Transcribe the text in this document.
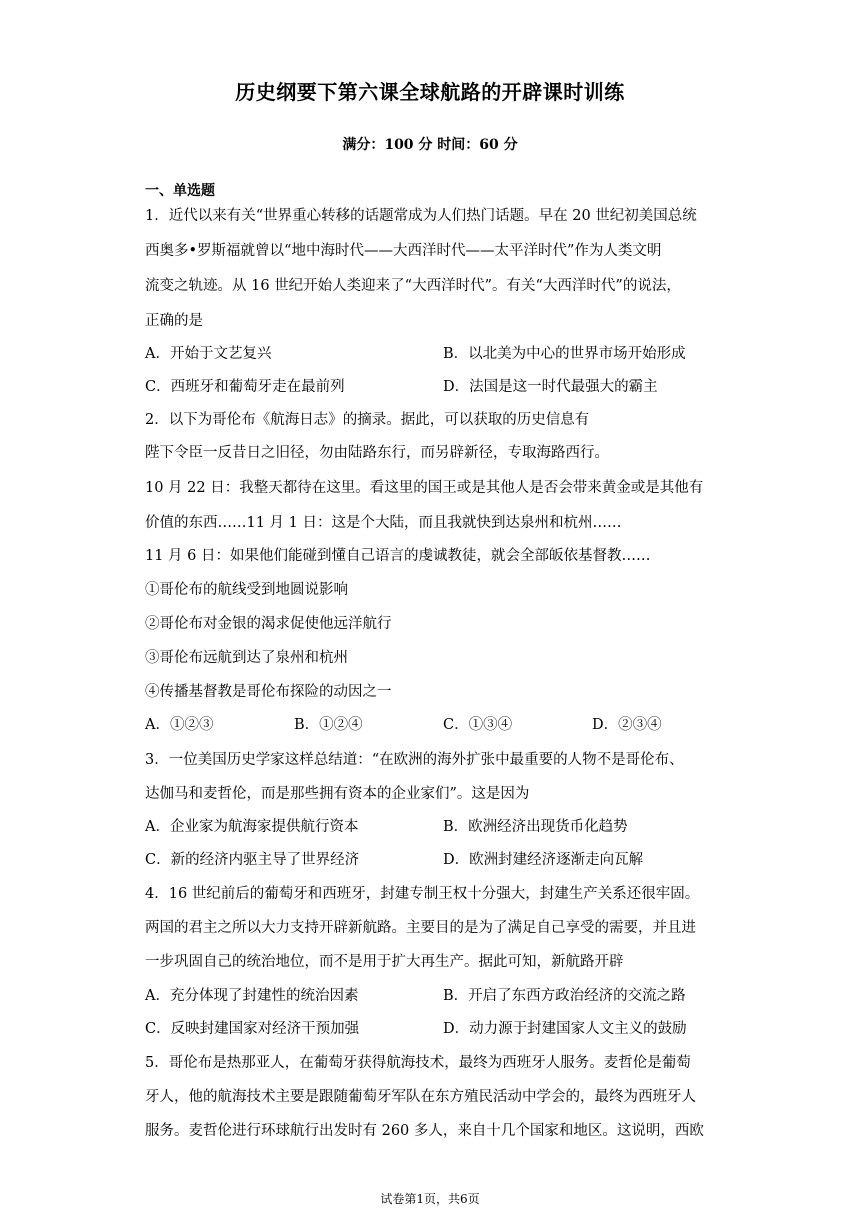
历史纲要下第六课全球航路的开辟课时训练
满分：100 分 时间：60 分
一、单选题
1．近代以来有关“世界重心转移的话题常成为人们热门话题。早在 20 世纪初美国总统
西奥多•罗斯福就曾以“地中海时代——大西洋时代——太平洋时代”作为人类文明
流变之轨迹。从 16 世纪开始人类迎来了“大西洋时代”。有关“大西洋时代”的说法，
正确的是
A．开始于文艺复兴	B．以北美为中心的世界市场开始形成
C．西班牙和葡萄牙走在最前列	D．法国是这一时代最强大的霸主
2．以下为哥伦布《航海日志》的摘录。据此，可以获取的历史信息有
陛下令臣一反昔日之旧径，勿由陆路东行，而另辟新径，专取海路西行。
10 月 22 日：我整天都待在这里。看这里的国王或是其他人是否会带来黄金或是其他有
价值的东西……11 月 1 日：这是个大陆，而且我就快到达泉州和杭州……
11 月 6 日：如果他们能碰到懂自己语言的虔诚教徒，就会全部皈依基督教……
①哥伦布的航线受到地圆说影响
②哥伦布对金银的渴求促使他远洋航行
③哥伦布远航到达了泉州和杭州
④传播基督教是哥伦布探险的动因之一
A．①②③	B．①②④	C．①③④	D．②③④
3．一位美国历史学家这样总结道：“在欧洲的海外扩张中最重要的人物不是哥伦布、
达伽马和麦哲伦，而是那些拥有资本的企业家们”。这是因为
A．企业家为航海家提供航行资本	B．欧洲经济出现货币化趋势
C．新的经济内驱主导了世界经济	D．欧洲封建经济逐渐走向瓦解
4．16 世纪前后的葡萄牙和西班牙，封建专制王权十分强大，封建生产关系还很牢固。
两国的君主之所以大力支持开辟新航路。主要目的是为了满足自己享受的需要，并且进
一步巩固自己的统治地位，而不是用于扩大再生产。据此可知，新航路开辟
A．充分体现了封建性的统治因素	B．开启了东西方政治经济的交流之路
C．反映封建国家对经济干预加强	D．动力源于封建国家人文主义的鼓励
5．哥伦布是热那亚人，在葡萄牙获得航海技术，最终为西班牙人服务。麦哲伦是葡萄
牙人，他的航海技术主要是跟随葡萄牙军队在东方殖民活动中学会的，最终为西班牙人
服务。麦哲伦进行环球航行出发时有 260 多人，来自十几个国家和地区。这说明，西欧
试卷第1页，共6页
